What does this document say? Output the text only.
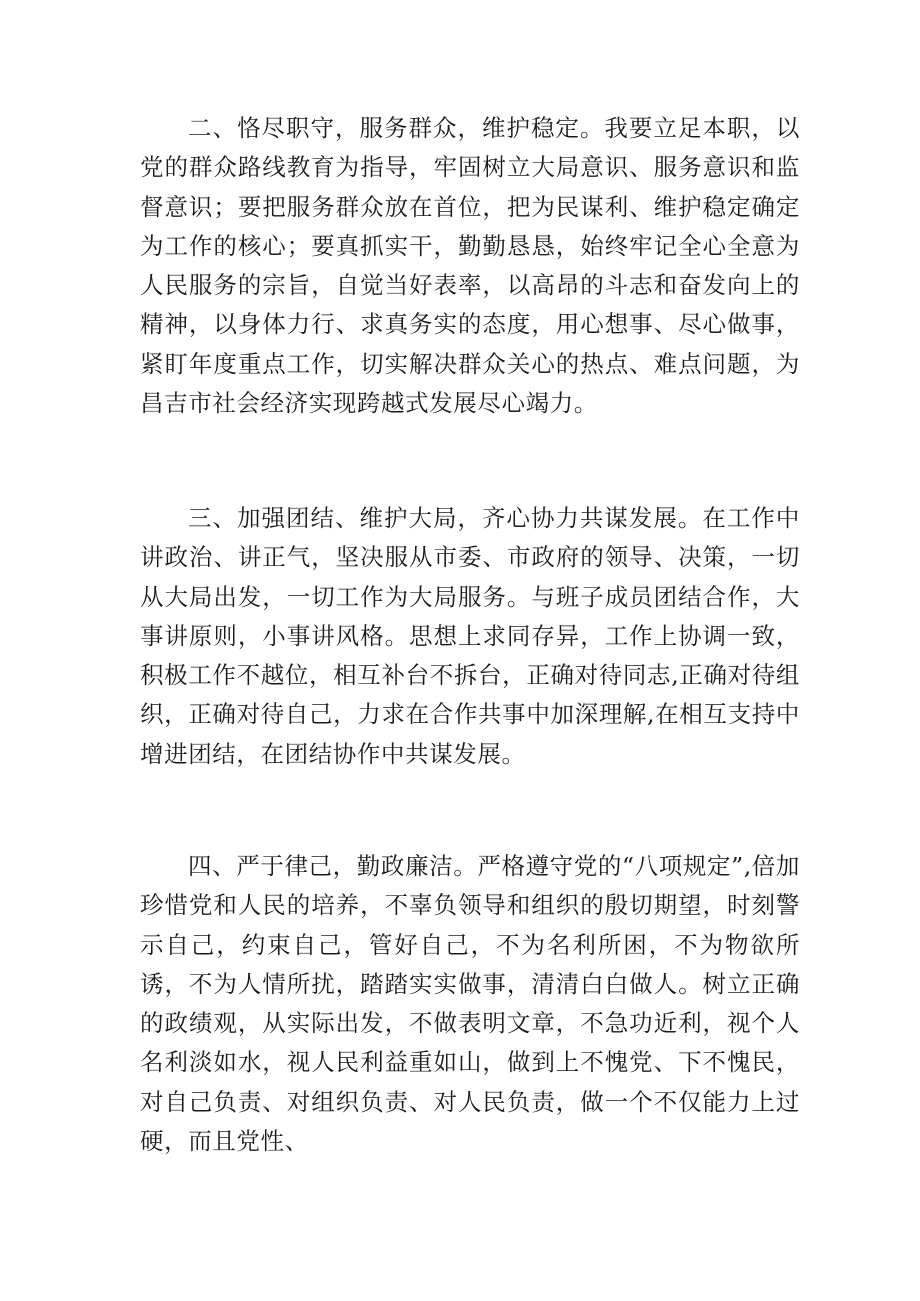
二、恪尽职守，服务群众，维护稳定。我要立足本职，以党的群众路线教育为指导，牢固树立大局意识、服务意识和监督意识；要把服务群众放在首位，把为民谋利、维护稳定确定为工作的核心；要真抓实干，勤勤恳恳，始终牢记全心全意为人民服务的宗旨，自觉当好表率，以高昂的斗志和奋发向上的精神，以身体力行、求真务实的态度，用心想事、尽心做事，紧盯年度重点工作，切实解决群众关心的热点、难点问题，为昌吉市社会经济实现跨越式发展尽心竭力。

三、加强团结、维护大局，齐心协力共谋发展。在工作中讲政治、讲正气，坚决服从市委、市政府的领导、决策，一切从大局出发，一切工作为大局服务。与班子成员团结合作，大事讲原则，小事讲风格。思想上求同存异，工作上协调一致，积极工作不越位，相互补台不拆台，正确对待同志,正确对待组织，正确对待自己，力求在合作共事中加深理解,在相互支持中增进团结，在团结协作中共谋发展。

四、严于律己，勤政廉洁。严格遵守党的“八项规定”,倍加珍惜党和人民的培养，不辜负领导和组织的殷切期望，时刻警示自己，约束自己，管好自己，不为名利所困，不为物欲所诱，不为人情所扰，踏踏实实做事，清清白白做人。树立正确的政绩观，从实际出发，不做表明文章，不急功近利，视个人名利淡如水，视人民利益重如山，做到上不愧党、下不愧民，对自己负责、对组织负责、对人民负责，做一个不仅能力上过硬，而且党性、
